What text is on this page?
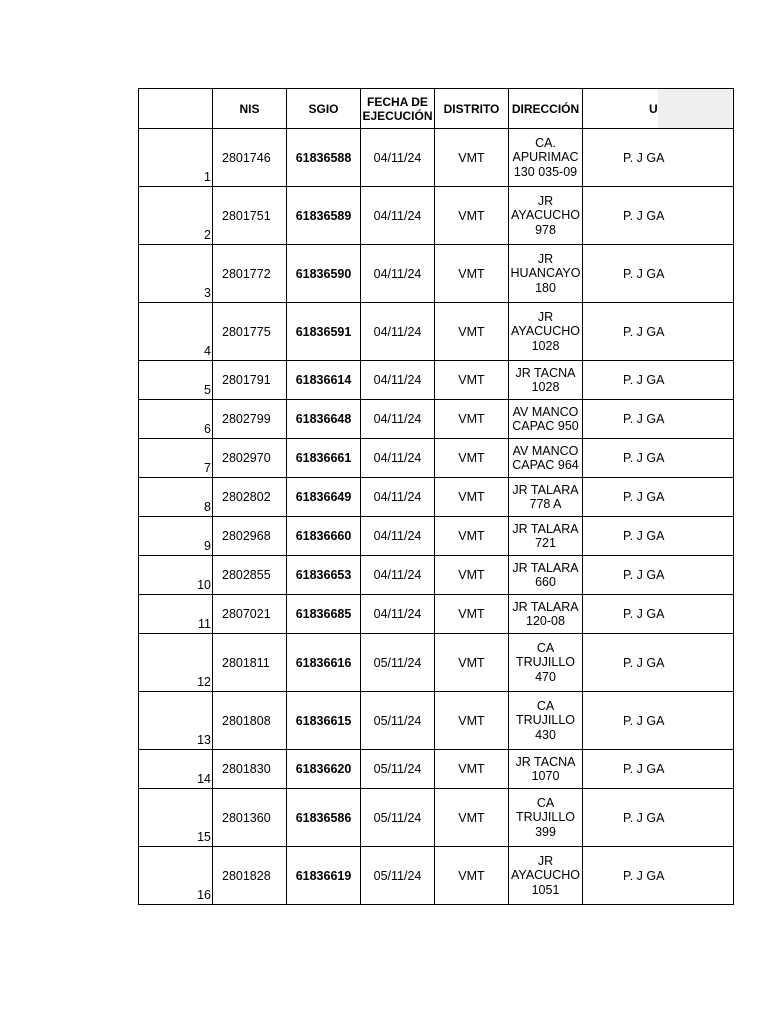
	NIS	SGIO	FECHA DE EJECUCIÓN	DISTRITO	DIRECCIÓN	U
1	2801746	61836588	04/11/24	VMT	CA. APURIMAC 130 035-09	P. J GA
2	2801751	61836589	04/11/24	VMT	JR AYACUCHO 978	P. J GA
3	2801772	61836590	04/11/24	VMT	JR HUANCAYO 180	P. J GA
4	2801775	61836591	04/11/24	VMT	JR AYACUCHO 1028	P. J GA
5	2801791	61836614	04/11/24	VMT	JR TACNA 1028	P. J GA
6	2802799	61836648	04/11/24	VMT	AV MANCO CAPAC 950	P. J GA
7	2802970	61836661	04/11/24	VMT	AV MANCO CAPAC 964	P. J GA
8	2802802	61836649	04/11/24	VMT	JR TALARA 778 A	P. J GA
9	2802968	61836660	04/11/24	VMT	JR TALARA 721	P. J GA
10	2802855	61836653	04/11/24	VMT	JR TALARA 660	P. J GA
11	2807021	61836685	04/11/24	VMT	JR TALARA 120-08	P. J GA
12	2801811	61836616	05/11/24	VMT	CA TRUJILLO 470	P. J GA
13	2801808	61836615	05/11/24	VMT	CA TRUJILLO 430	P. J GA
14	2801830	61836620	05/11/24	VMT	JR TACNA 1070	P. J GA
15	2801360	61836586	05/11/24	VMT	CA TRUJILLO 399	P. J GA
16	2801828	61836619	05/11/24	VMT	JR AYACUCHO 1051	P. J GA
